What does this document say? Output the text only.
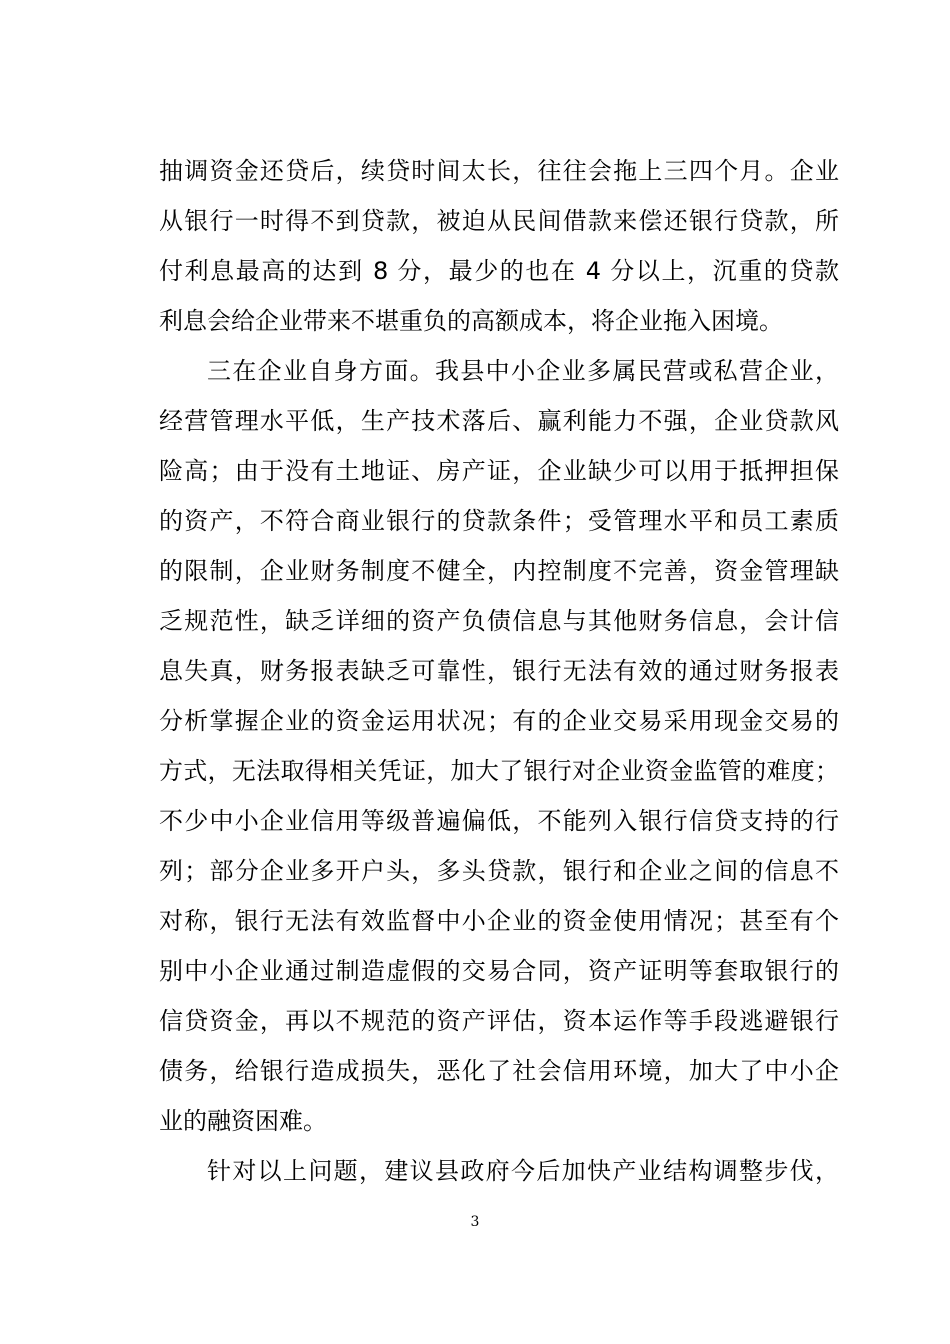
抽调资金还贷后，续贷时间太长，往往会拖上三四个月。企业
从银行一时得不到贷款，被迫从民间借款来偿还银行贷款，所
付利息最高的达到 8 分，最少的也在 4 分以上，沉重的贷款
利息会给企业带来不堪重负的高额成本，将企业拖入困境。
三在企业自身方面。我县中小企业多属民营或私营企业，
经营管理水平低，生产技术落后、赢利能力不强，企业贷款风
险高；由于没有土地证、房产证，企业缺少可以用于抵押担保
的资产，不符合商业银行的贷款条件；受管理水平和员工素质
的限制，企业财务制度不健全，内控制度不完善，资金管理缺
乏规范性，缺乏详细的资产负债信息与其他财务信息，会计信
息失真，财务报表缺乏可靠性，银行无法有效的通过财务报表
分析掌握企业的资金运用状况；有的企业交易采用现金交易的
方式，无法取得相关凭证，加大了银行对企业资金监管的难度；
不少中小企业信用等级普遍偏低，不能列入银行信贷支持的行
列；部分企业多开户头，多头贷款，银行和企业之间的信息不
对称，银行无法有效监督中小企业的资金使用情况；甚至有个
别中小企业通过制造虚假的交易合同，资产证明等套取银行的
信贷资金，再以不规范的资产评估，资本运作等手段逃避银行
债务，给银行造成损失，恶化了社会信用环境，加大了中小企
业的融资困难。
针对以上问题，建议县政府今后加快产业结构调整步伐，
3
